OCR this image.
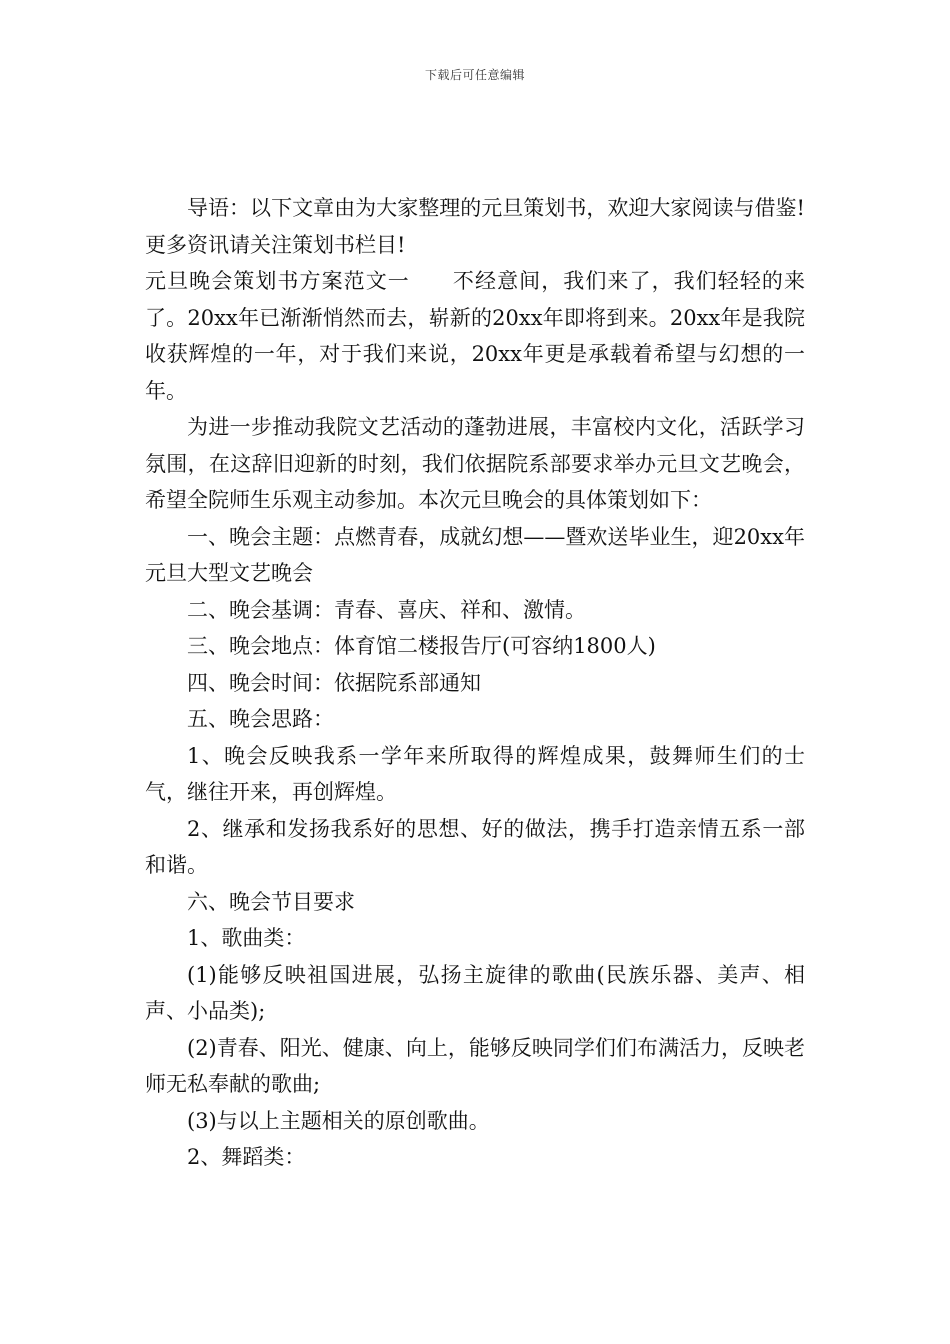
下载后可任意编辑

导语：以下文章由为大家整理的元旦策划书，欢迎大家阅读与借鉴!更多资讯请关注策划书栏目!

元旦晚会策划书方案范文一 不经意间，我们来了，我们轻轻的来了。20xx年已渐渐悄然而去，崭新的20xx年即将到来。20xx年是我院收获辉煌的一年，对于我们来说，20xx年更是承载着希望与幻想的一年。

为进一步推动我院文艺活动的蓬勃进展，丰富校内文化，活跃学习氛围，在这辞旧迎新的时刻，我们依据院系部要求举办元旦文艺晚会，希望全院师生乐观主动参加。本次元旦晚会的具体策划如下：

一、晚会主题：点燃青春，成就幻想——暨欢送毕业生，迎20xx年元旦大型文艺晚会

二、晚会基调：青春、喜庆、祥和、激情。

三、晚会地点：体育馆二楼报告厅(可容纳1800人)

四、晚会时间：依据院系部通知

五、晚会思路：

1、晚会反映我系一学年来所取得的辉煌成果，鼓舞师生们的士气，继往开来，再创辉煌。

2、继承和发扬我系好的思想、好的做法，携手打造亲情五系一部和谐。

六、晚会节目要求

1、歌曲类：

(1)能够反映祖国进展，弘扬主旋律的歌曲(民族乐器、美声、相声、小品类);

(2)青春、阳光、健康、向上，能够反映同学们们布满活力，反映老师无私奉献的歌曲;

(3)与以上主题相关的原创歌曲。

2、舞蹈类：
